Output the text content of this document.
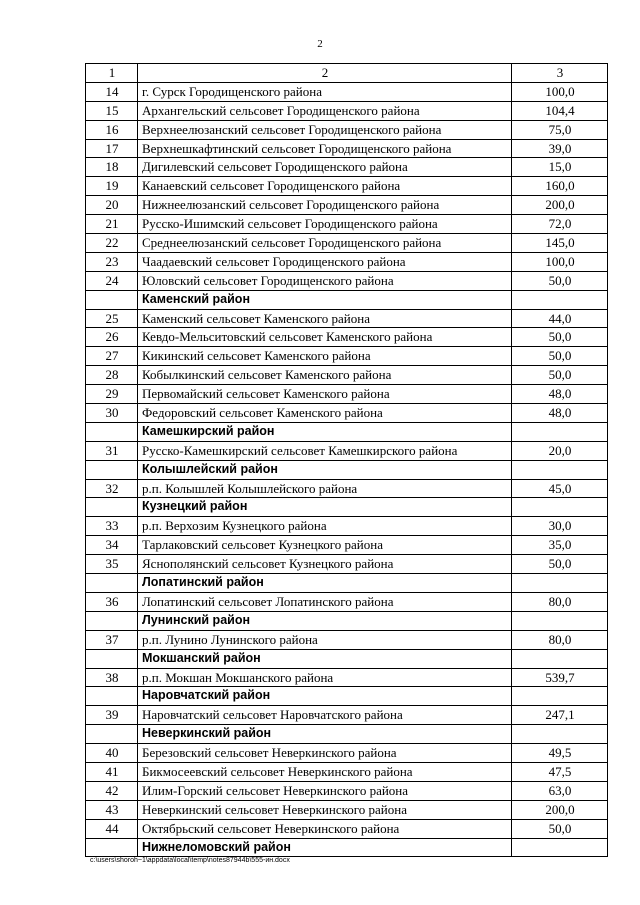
2
1	2	3
14	г. Сурск Городищенского района	100,0
15	Архангельский сельсовет Городищенского района	104,4
16	Верхнеелюзанский сельсовет Городищенского района	75,0
17	Верхнешкафтинский сельсовет Городищенского района	39,0
18	Дигилевский сельсовет Городищенского района	15,0
19	Канаевский сельсовет Городищенского района	160,0
20	Нижнеелюзанский сельсовет Городищенского района	200,0
21	Русско-Ишимский сельсовет Городищенского района	72,0
22	Среднеелюзанский сельсовет Городищенского района	145,0
23	Чаадаевский сельсовет Городищенского района	100,0
24	Юловский сельсовет Городищенского района	50,0
	Каменский район	
25	Каменский сельсовет Каменского района	44,0
26	Кевдо-Мельситовский сельсовет Каменского района	50,0
27	Кикинский сельсовет Каменского района	50,0
28	Кобылкинский сельсовет Каменского района	50,0
29	Первомайский сельсовет Каменского района	48,0
30	Федоровский сельсовет Каменского района	48,0
	Камешкирский район	
31	Русско-Камешкирский сельсовет Камешкирского района	20,0
	Колышлейский район	
32	р.п. Колышлей Колышлейского района	45,0
	Кузнецкий район	
33	р.п. Верхозим Кузнецкого района	30,0
34	Тарлаковский сельсовет Кузнецкого района	35,0
35	Яснополянский сельсовет Кузнецкого района	50,0
	Лопатинский район	
36	Лопатинский сельсовет Лопатинского района	80,0
	Лунинский район	
37	р.п. Лунино Лунинского района	80,0
	Мокшанский район	
38	р.п. Мокшан Мокшанского района	539,7
	Наровчатский район	
39	Наровчатский сельсовет Наровчатского района	247,1
	Неверкинский район	
40	Березовский сельсовет Неверкинского района	49,5
41	Бикмосеевский сельсовет Неверкинского района	47,5
42	Илим-Горский сельсовет Неверкинского района	63,0
43	Неверкинский сельсовет Неверкинского района	200,0
44	Октябрьский сельсовет Неверкинского района	50,0
	Нижнеломовский район	
c:\users\shoroh~1\appdata\local\temp\notes87944b\555-ин.docx
